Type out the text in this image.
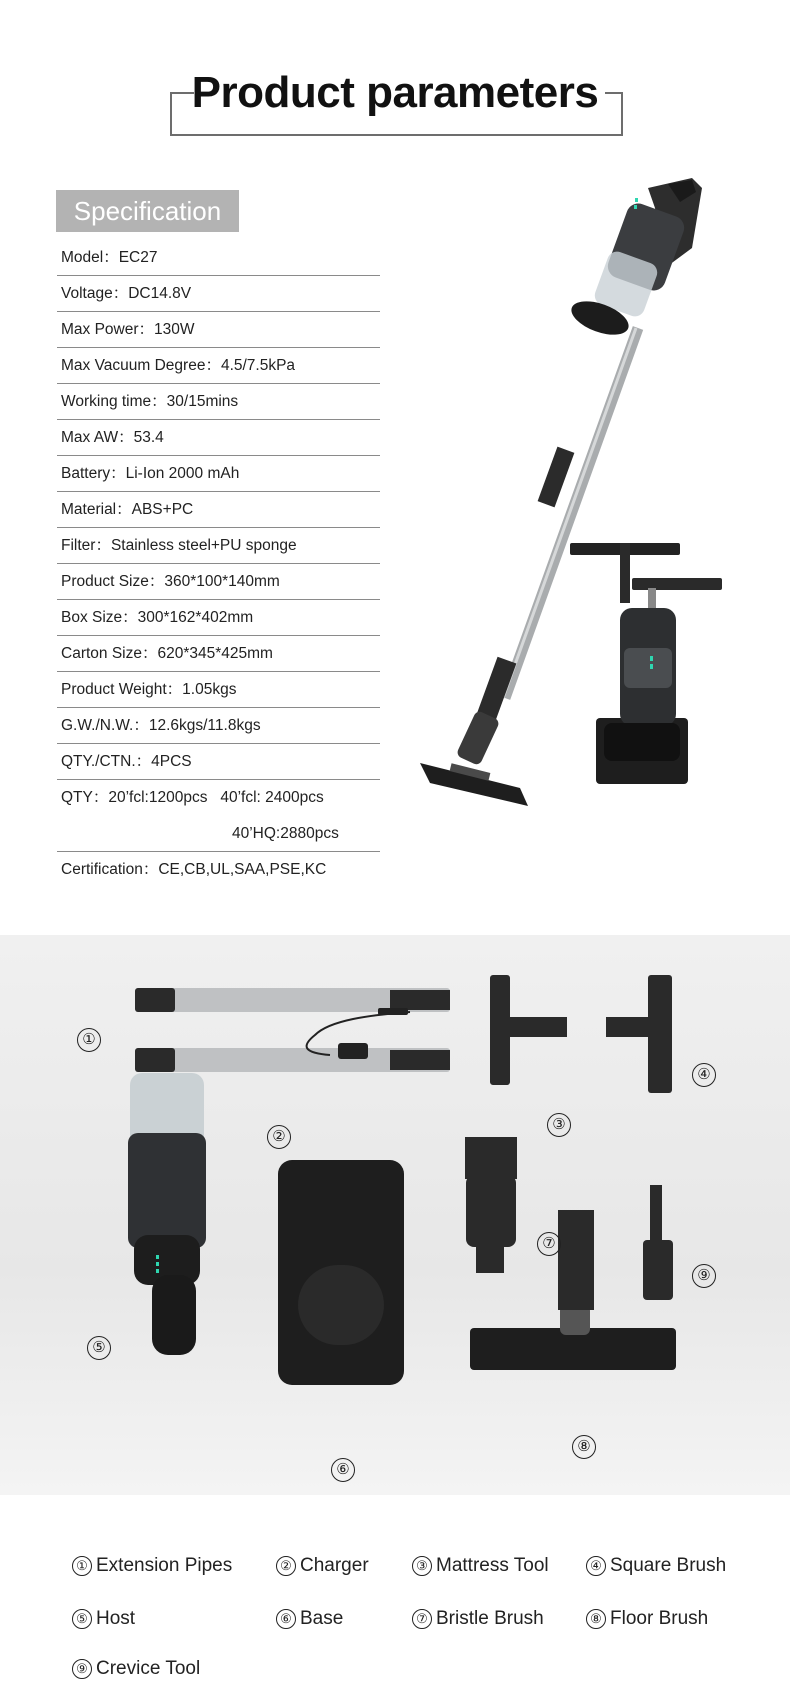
Product parameters
Specification
Model：EC27
Voltage：DC14.8V
Max Power：130W
Max Vacuum Degree：4.5/7.5kPa
Working time：30/15mins
Max AW：53.4
Battery：Li-Ion 2000 mAh
Material：ABS+PC
Filter：Stainless steel+PU sponge
Product Size：360*100*140mm
Box Size：300*162*402mm
Carton Size：620*345*425mm
Product Weight：1.05kgs
G.W./N.W.：12.6kgs/11.8kgs
QTY./CTN.：4PCS
QTY：20’fcl:1200pcs   40’fcl: 2400pcs
40’HQ:2880pcs
Certification：CE,CB,UL,SAA,PSE,KC
①
②
③
④
⑤
⑥
⑦
⑧
⑨
① Extension Pipes	② Charger	③ Mattress Tool	④ Square Brush
⑤ Host	⑥ Base	⑦ Bristle Brush	⑧ Floor Brush
⑨ Crevice Tool
